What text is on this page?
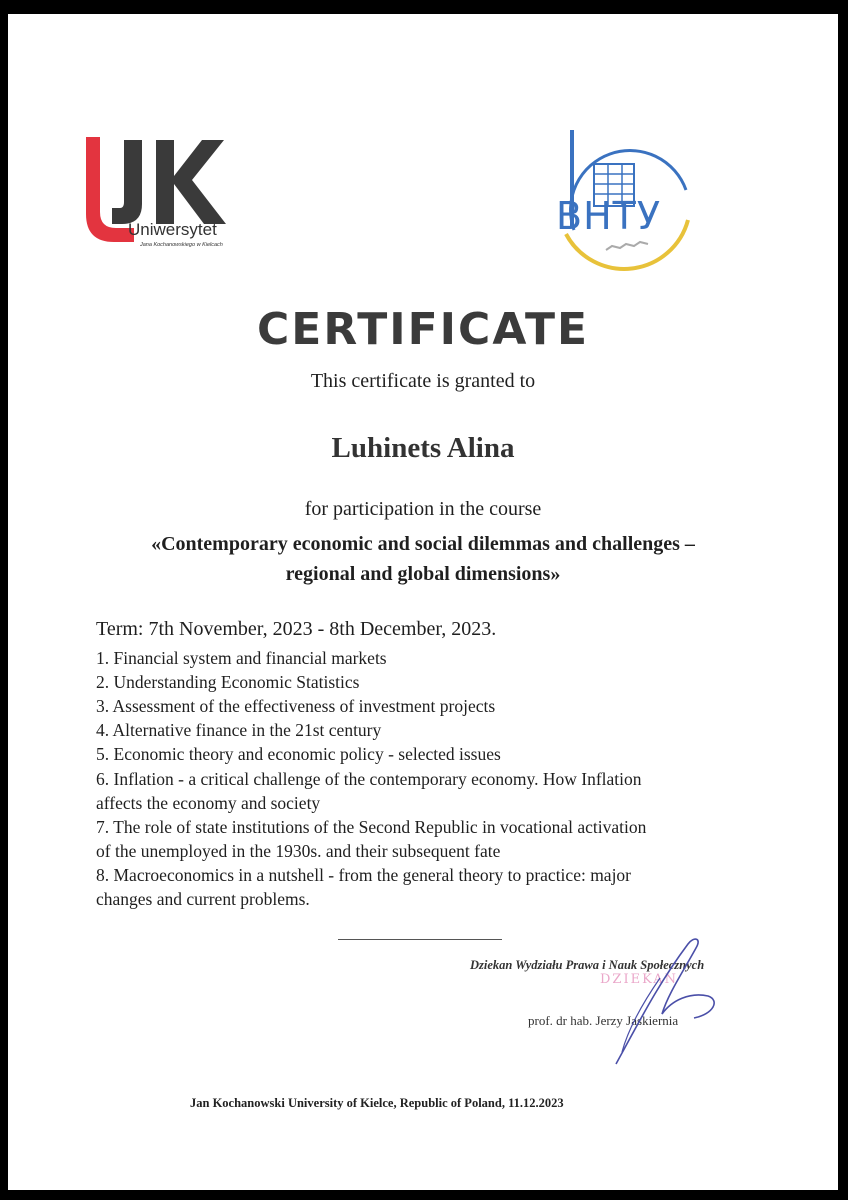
Uniwersytet
Jana Kochanowskiego w Kielcach
ВНТУ
CERTIFICATE
This certificate is granted to
Luhinets Alina
for participation in the course
«Contemporary economic and social dilemmas and challenges –
regional and global dimensions»
Term: 7th November, 2023 - 8th December, 2023.
1. Financial system and financial markets
2. Understanding Economic Statistics
3. Assessment of the effectiveness of investment projects
4. Alternative finance in the 21st century
5. Economic theory and economic policy - selected issues
6. Inflation - a critical challenge of the contemporary economy. How Inflation
affects the economy and society
7. The role of state institutions of the Second Republic in vocational activation
of the unemployed in the 1930s. and their subsequent fate
8. Macroeconomics in a nutshell - from the general theory to practice: major
changes and current problems.
Dziekan Wydziału Prawa i Nauk Społecznych
DZIEKAN
prof. dr hab. Jerzy Jaskiernia
Jan Kochanowski University of Kielce, Republic of Poland, 11.12.2023
